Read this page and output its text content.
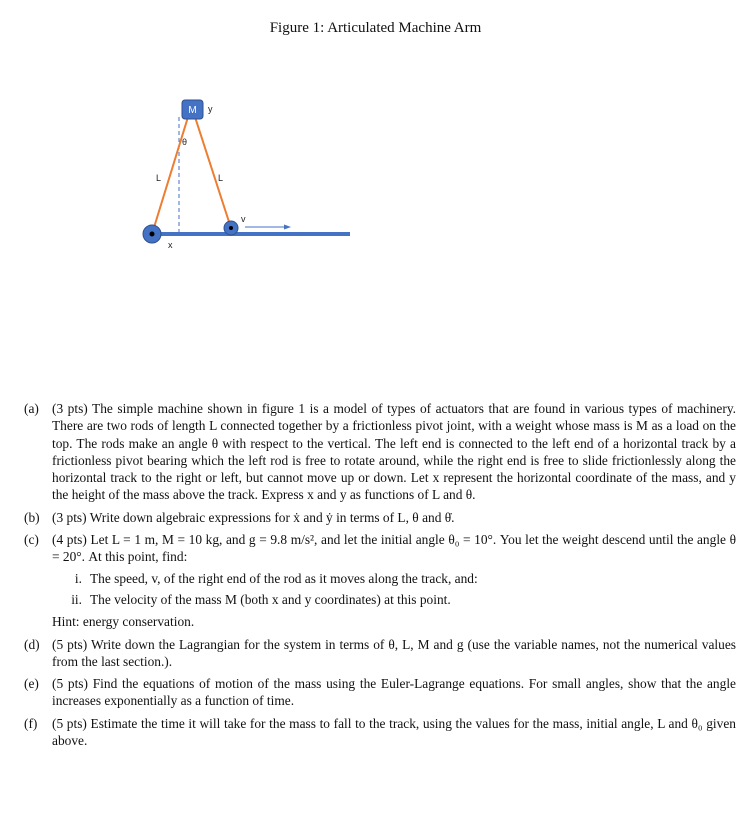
Figure 1: Articulated Machine Arm
M y
θ
L	L
v
x
(a) (3 pts) The simple machine shown in figure 1 is a model of types of actuators that are found in various types of machinery. There are two rods of length L connected together by a frictionless pivot joint, with a weight whose mass is M as a load on the top. The rods make an angle θ with respect to the vertical. The left end is connected to the left end of a horizontal track by a frictionless pivot bearing which the left rod is free to rotate around, while the right end is free to slide frictionlessly along the horizontal track to the right or left, but cannot move up or down. Let x represent the horizontal coordinate of the mass, and y the height of the mass above the track. Express x and y as functions of L and θ.
(b) (3 pts) Write down algebraic expressions for ẋ and ẏ in terms of L, θ and θ̇.
(c) (4 pts) Let L = 1 m, M = 10 kg, and g = 9.8 m/s², and let the initial angle θ₀ = 10°. You let the weight descend until the angle θ = 20°. At this point, find:
i. The speed, v, of the right end of the rod as it moves along the track, and:
ii. The velocity of the mass M (both x and y coordinates) at this point.
Hint: energy conservation.
(d) (5 pts) Write down the Lagrangian for the system in terms of θ, L, M and g (use the variable names, not the numerical values from the last section.).
(e) (5 pts) Find the equations of motion of the mass using the Euler-Lagrange equations. For small angles, show that the angle increases exponentially as a function of time.
(f)	(5 pts) Estimate the time it will take for the mass to fall to the track, using the values for the mass, initial angle, L and θ₀ given above.
